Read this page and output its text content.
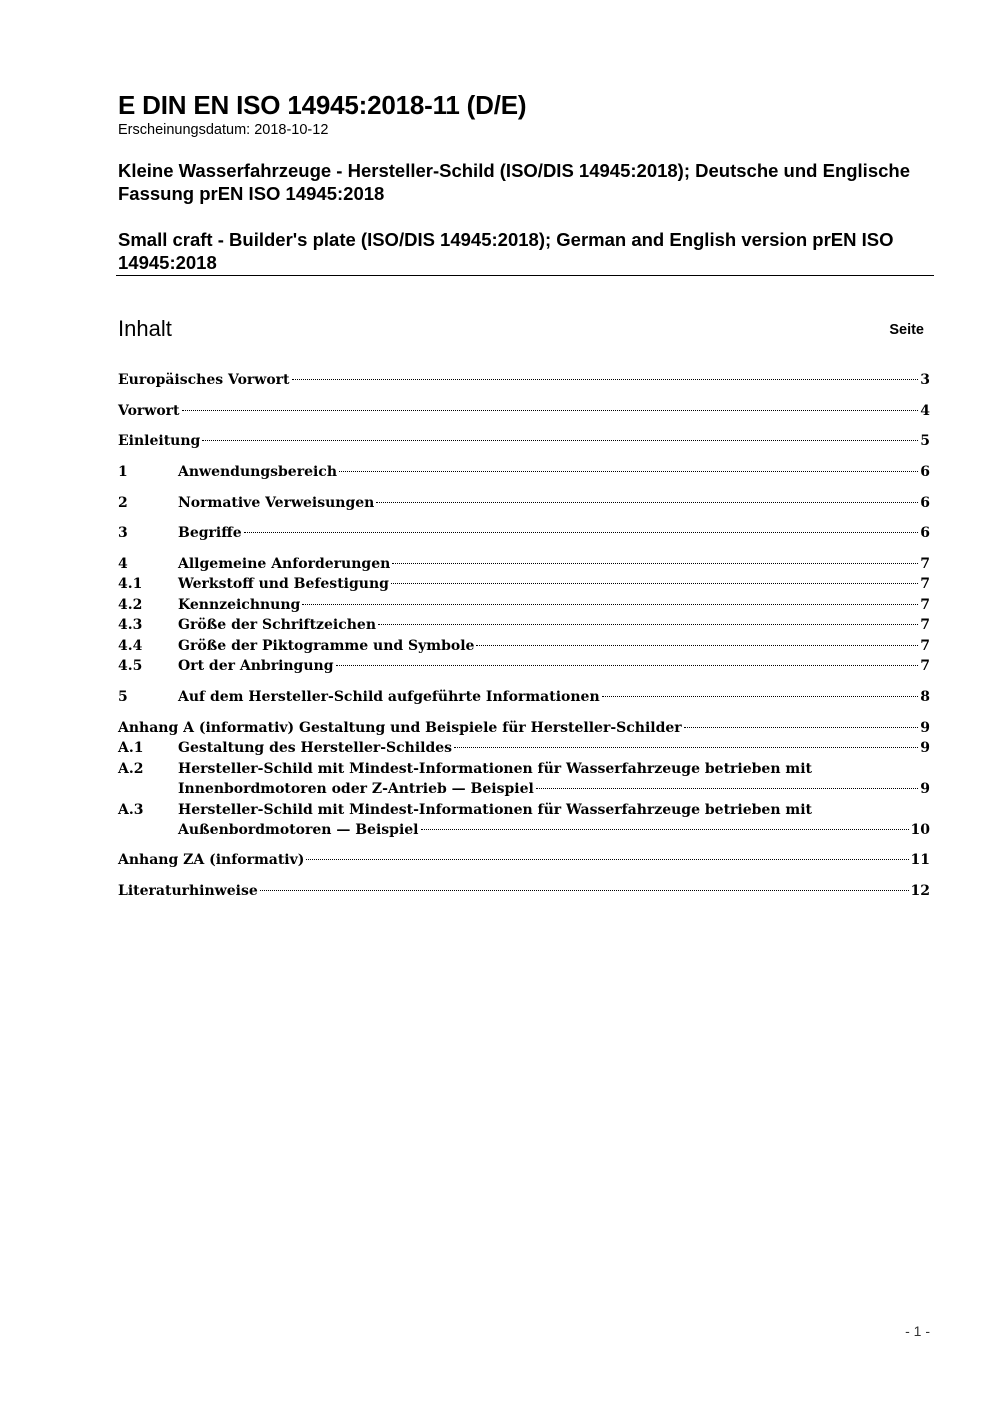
E DIN EN ISO 14945:2018-11 (D/E)
Erscheinungsdatum: 2018-10-12
Kleine Wasserfahrzeuge - Hersteller-Schild (ISO/DIS 14945:2018); Deutsche und Englische Fassung prEN ISO 14945:2018
Small craft - Builder's plate (ISO/DIS 14945:2018); German and English version prEN ISO 14945:2018
Inhalt	Seite
Europäisches Vorwort	3
Vorwort	4
Einleitung	5
1	Anwendungsbereich	6
2	Normative Verweisungen	6
3	Begriffe	6
4	Allgemeine Anforderungen	7
4.1	Werkstoff und Befestigung	7
4.2	Kennzeichnung	7
4.3	Größe der Schriftzeichen	7
4.4	Größe der Piktogramme und Symbole	7
4.5	Ort der Anbringung	7
5	Auf dem Hersteller-Schild aufgeführte Informationen	8
Anhang A (informativ) Gestaltung und Beispiele für Hersteller-Schilder	9
A.1	Gestaltung des Hersteller-Schildes	9
A.2	Hersteller-Schild mit Mindest-Informationen für Wasserfahrzeuge betrieben mit
Innenbordmotoren oder Z-Antrieb — Beispiel	9
A.3	Hersteller-Schild mit Mindest-Informationen für Wasserfahrzeuge betrieben mit
Außenbordmotoren — Beispiel	10
Anhang ZA (informativ)	11
Literaturhinweise	12
- 1 -
